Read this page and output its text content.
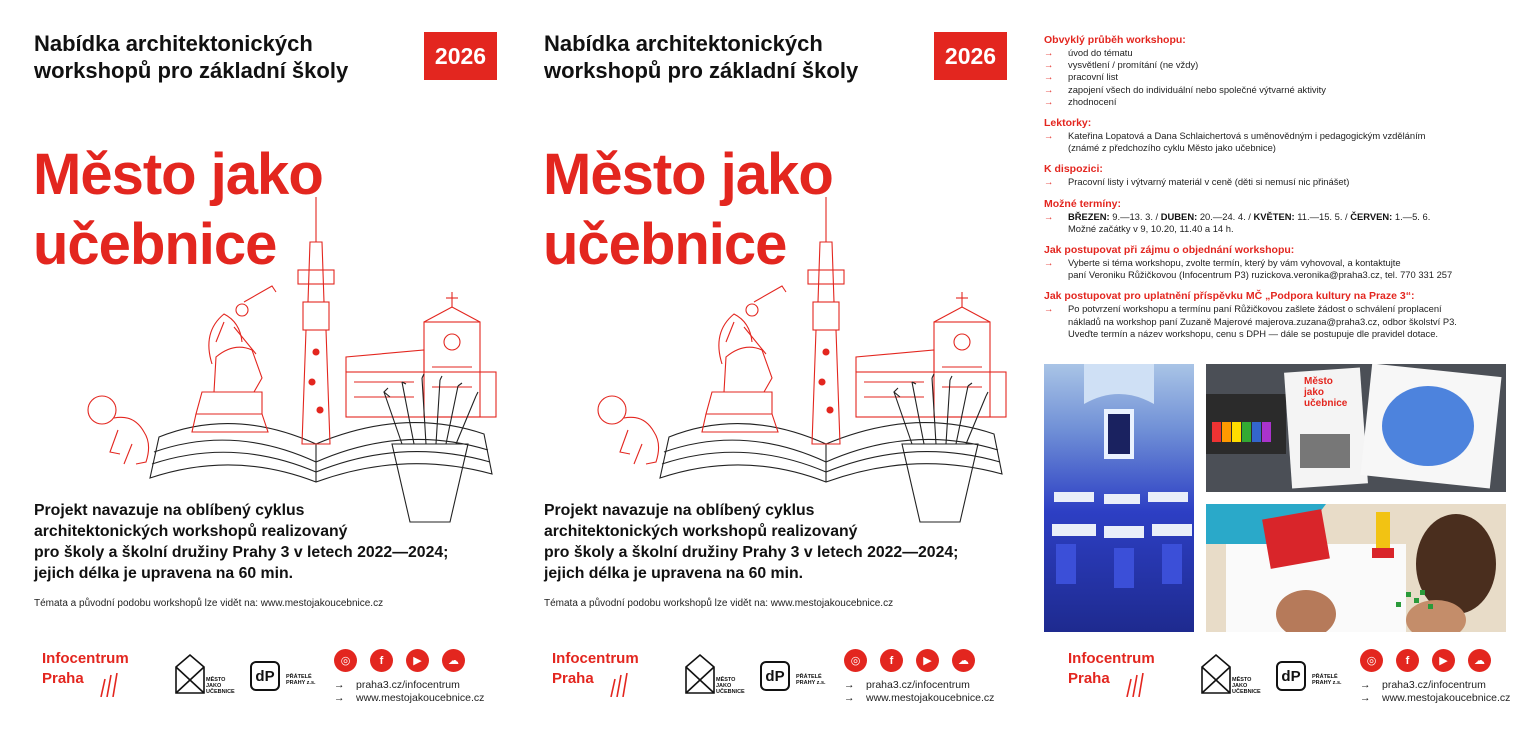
Nabídka architektonických
workshopů pro základní školy
2026
Město jako
učebnice
Projekt navazuje na oblíbený cyklus
architektonických workshopů realizovaný
pro školy a školní družiny Prahy 3 v letech 2022—2024;
jejich délka je upravena na 60 min.
Témata a původní podobu workshopů lze vidět na: www.mestojakoucebnice.cz
Infocentrum
Praha	MĚSTO JAKO UČEBNICE
dP	PŘÁTELÉ PRAHY z.s.
◎	f	▶	☁
→ praha3.cz/infocentrum
→ www.mestojakoucebnice.cz
Nabídka architektonických
workshopů pro základní školy
2026
Město jako
učebnice
Projekt navazuje na oblíbený cyklus
architektonických workshopů realizovaný
pro školy a školní družiny Prahy 3 v letech 2022—2024;
jejich délka je upravena na 60 min.
Témata a původní podobu workshopů lze vidět na: www.mestojakoucebnice.cz
Infocentrum
Praha	MĚSTO JAKO UČEBNICE
dP	PŘÁTELÉ PRAHY z.s.
◎	f	▶	☁
→ praha3.cz/infocentrum
→ www.mestojakoucebnice.cz
Obvyklý průběh workshopu:
→ úvod do tématu
→ vysvětlení / promítání (ne vždy)
→ pracovní list
→ zapojení všech do individuální nebo společné výtvarné aktivity
→ zhodnocení
Lektorky:
→ Kateřina Lopatová a Dana Schlaichertová s uměnovědným i pedagogickým vzděláním
(známé z předchozího cyklu Město jako učebnice)
K dispozici:
→ Pracovní listy i výtvarný materiál v ceně (děti si nemusí nic přinášet)
Možné termíny:
→ BŘEZEN: 9.—13. 3. / DUBEN: 20.—24. 4. / KVĚTEN: 11.—15. 5. / ČERVEN: 1.—5. 6.
Možné začátky v 9, 10.20, 11.40 a 14 h.
Jak postupovat při zájmu o objednání workshopu:
→ Vyberte si téma workshopu, zvolte termín, který by vám vyhovoval, a kontaktujte
paní Veroniku Růžičkovou (Infocentrum P3) ruzickova.veronika@praha3.cz, tel. 770 331 257
Jak postupovat pro uplatnění příspěvku MČ „Podpora kultury na Praze 3“:
→ Po potvrzení workshopu a termínu paní Růžičkovou zašlete žádost o schválení proplacení
nákladů na workshop paní Zuzaně Majerové majerova.zuzana@praha3.cz, odbor školství P3.
Uveďte termín a název workshopu, cenu s DPH — dále se postupuje dle pravidel dotace.
Město
jako
učebnice
Infocentrum
Praha	MĚSTO JAKO UČEBNICE
dP	PŘÁTELÉ PRAHY z.s.
◎	f	▶	☁
→ praha3.cz/infocentrum
→ www.mestojakoucebnice.cz
